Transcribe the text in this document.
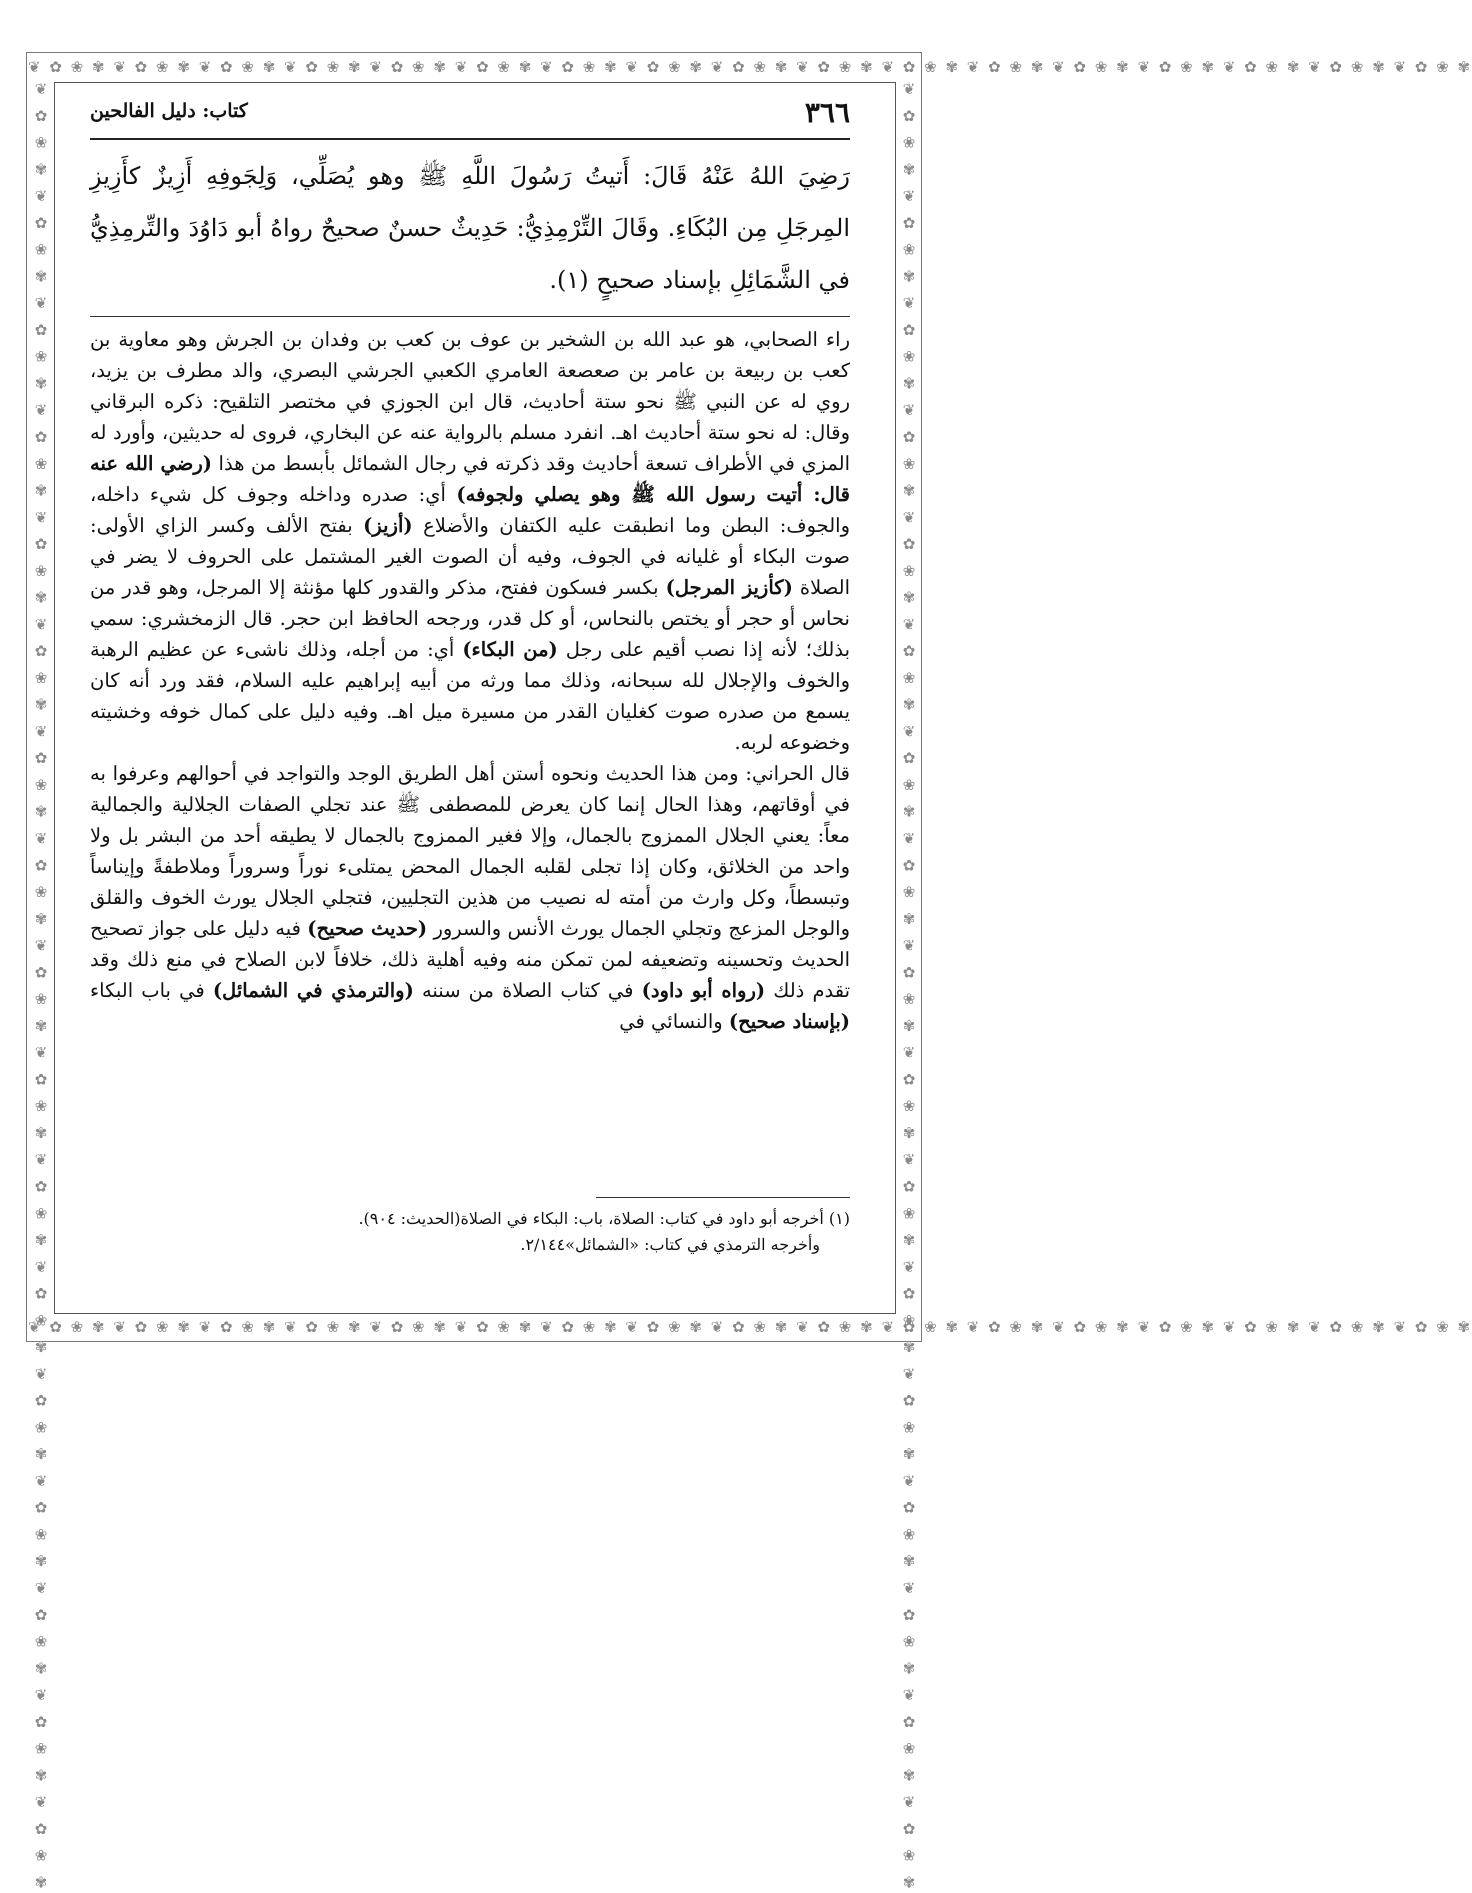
❦ ✿ ❀ ✾ ❦ ✿ ❀ ✾ ❦ ✿ ❀ ✾ ❦ ✿ ❀ ✾ ❦ ✿ ❀ ✾ ❦ ✿ ❀ ✾ ❦ ✿ ❀ ✾ ❦ ✿ ❀ ✾ ❦ ✿ ❀ ✾ ❦ ✿ ❀ ✾ ❦ ✿ ❀ ✾ ❦ ✿ ❀ ✾ ❦ ✿ ❀ ✾ ❦ ✿ ❀ ✾ ❦ ✿ ❀ ✾ ❦ ✿ ❀ ✾ ❦ ✿ ❀ ✾
❦ ✿ ❀ ✾ ❦ ✿ ❀ ✾ ❦ ✿ ❀ ✾ ❦ ✿ ❀ ✾ ❦ ✿ ❀ ✾ ❦ ✿ ❀ ✾ ❦ ✿ ❀ ✾ ❦ ✿ ❀ ✾ ❦ ✿ ❀ ✾ ❦ ✿ ❀ ✾ ❦ ✿ ❀ ✾ ❦ ✿ ❀ ✾ ❦ ✿ ❀ ✾ ❦ ✿ ❀ ✾ ❦ ✿ ❀ ✾ ❦ ✿ ❀ ✾ ❦ ✿ ❀ ✾
❦ ✿ ❀ ✾ ❦ ✿ ❀ ✾ ❦ ✿ ❀ ✾ ❦ ✿ ❀ ✾ ❦ ✿ ❀ ✾ ❦ ✿ ❀ ✾ ❦ ✿ ❀ ✾ ❦ ✿ ❀ ✾ ❦ ✿ ❀ ✾ ❦ ✿ ❀ ✾ ❦ ✿ ❀ ✾ ❦ ✿ ❀ ✾ ❦ ✿ ❀ ✾ ❦ ✿ ❀ ✾ ❦ ✿ ❀ ✾ ❦ ✿ ❀ ✾ ❦ ✿ ❀ ✾	❦ ✿ ❀ ✾ ❦ ✿ ❀ ✾ ❦ ✿ ❀ ✾ ❦ ✿ ❀ ✾ ❦ ✿ ❀ ✾ ❦ ✿ ❀ ✾ ❦ ✿ ❀ ✾ ❦ ✿ ❀ ✾ ❦ ✿ ❀ ✾ ❦ ✿ ❀ ✾ ❦ ✿ ❀ ✾ ❦ ✿ ❀ ✾ ❦ ✿ ❀ ✾ ❦ ✿ ❀ ✾ ❦ ✿ ❀ ✾ ❦ ✿ ❀ ✾ ❦ ✿ ❀ ✾
٣٦٦
كتاب: دليل الفالحين
رَضِيَ اللهُ عَنْهُ قَالَ: أَتيتُ رَسُولَ اللَّهِ ﷺ وهو يُصَلِّي، وَلِجَوفِهِ أَزِيزٌ كأَزِيزِ المِرجَلِ مِن البُكَاءِ. وقَالَ التِّرْمِذِيُّ: حَدِيثٌ حسنٌ صحيحٌ رواهُ أبو دَاوُدَ والتِّرمِذِيُّ في الشَّمَائِلِ بإسناد صحيحٍ (١).
راء الصحابي، هو عبد الله بن الشخير بن عوف بن كعب بن وفدان بن الجرش وهو معاوية بن كعب بن ربيعة بن عامر بن صعصعة العامري الكعبي الجرشي البصري، والد مطرف بن يزيد، روي له عن النبي ﷺ نحو ستة أحاديث، قال ابن الجوزي في مختصر التلقيح: ذكره البرقاني وقال: له نحو ستة أحاديث اهـ. انفرد مسلم بالرواية عنه عن البخاري، فروى له حديثين، وأورد له المزي في الأطراف تسعة أحاديث وقد ذكرته في رجال الشمائل بأبسط من هذا (رضي الله عنه قال: أتيت رسول الله ﷺ وهو يصلي ولجوفه) أي: صدره وداخله وجوف كل شيء داخله، والجوف: البطن وما انطبقت عليه الكتفان والأضلاع (أزيز) بفتح الألف وكسر الزاي الأولى: صوت البكاء أو غليانه في الجوف، وفيه أن الصوت الغير المشتمل على الحروف لا يضر في الصلاة (كأزيز المرجل) بكسر فسكون ففتح، مذكر والقدور كلها مؤنثة إلا المرجل، وهو قدر من نحاس أو حجر أو يختص بالنحاس، أو كل قدر، ورجحه الحافظ ابن حجر. قال الزمخشري: سمي بذلك؛ لأنه إذا نصب أقيم على رجل (من البكاء) أي: من أجله، وذلك ناشىء عن عظيم الرهبة والخوف والإجلال لله سبحانه، وذلك مما ورثه من أبيه إبراهيم عليه السلام، فقد ورد أنه كان يسمع من صدره صوت كغليان القدر من مسيرة ميل اهـ. وفيه دليل على كمال خوفه وخشيته وخضوعه لربه.
قال الحراني: ومن هذا الحديث ونحوه أستن أهل الطريق الوجد والتواجد في أحوالهم وعرفوا به في أوقاتهم، وهذا الحال إنما كان يعرض للمصطفى ﷺ عند تجلي الصفات الجلالية والجمالية معاً: يعني الجلال الممزوج بالجمال، وإلا فغير الممزوج بالجمال لا يطيقه أحد من البشر بل ولا واحد من الخلائق، وكان إذا تجلى لقلبه الجمال المحض يمتلىء نوراً وسروراً وملاطفةً وإيناساً وتبسطاً، وكل وارث من أمته له نصيب من هذين التجليين، فتجلي الجلال يورث الخوف والقلق والوجل المزعج وتجلي الجمال يورث الأنس والسرور (حديث صحيح) فيه دليل على جواز تصحيح الحديث وتحسينه وتضعيفه لمن تمكن منه وفيه أهلية ذلك، خلافاً لابن الصلاح في منع ذلك وقد تقدم ذلك (رواه أبو داود) في كتاب الصلاة من سننه (والترمذي في الشمائل) في باب البكاء (بإسناد صحيح) والنسائي في
(١) أخرجه أبو داود في كتاب: الصلاة، باب: البكاء في الصلاة(الحديث: ٩٠٤).
وأخرجه الترمذي في كتاب: «الشمائل»٢/١٤٤.
